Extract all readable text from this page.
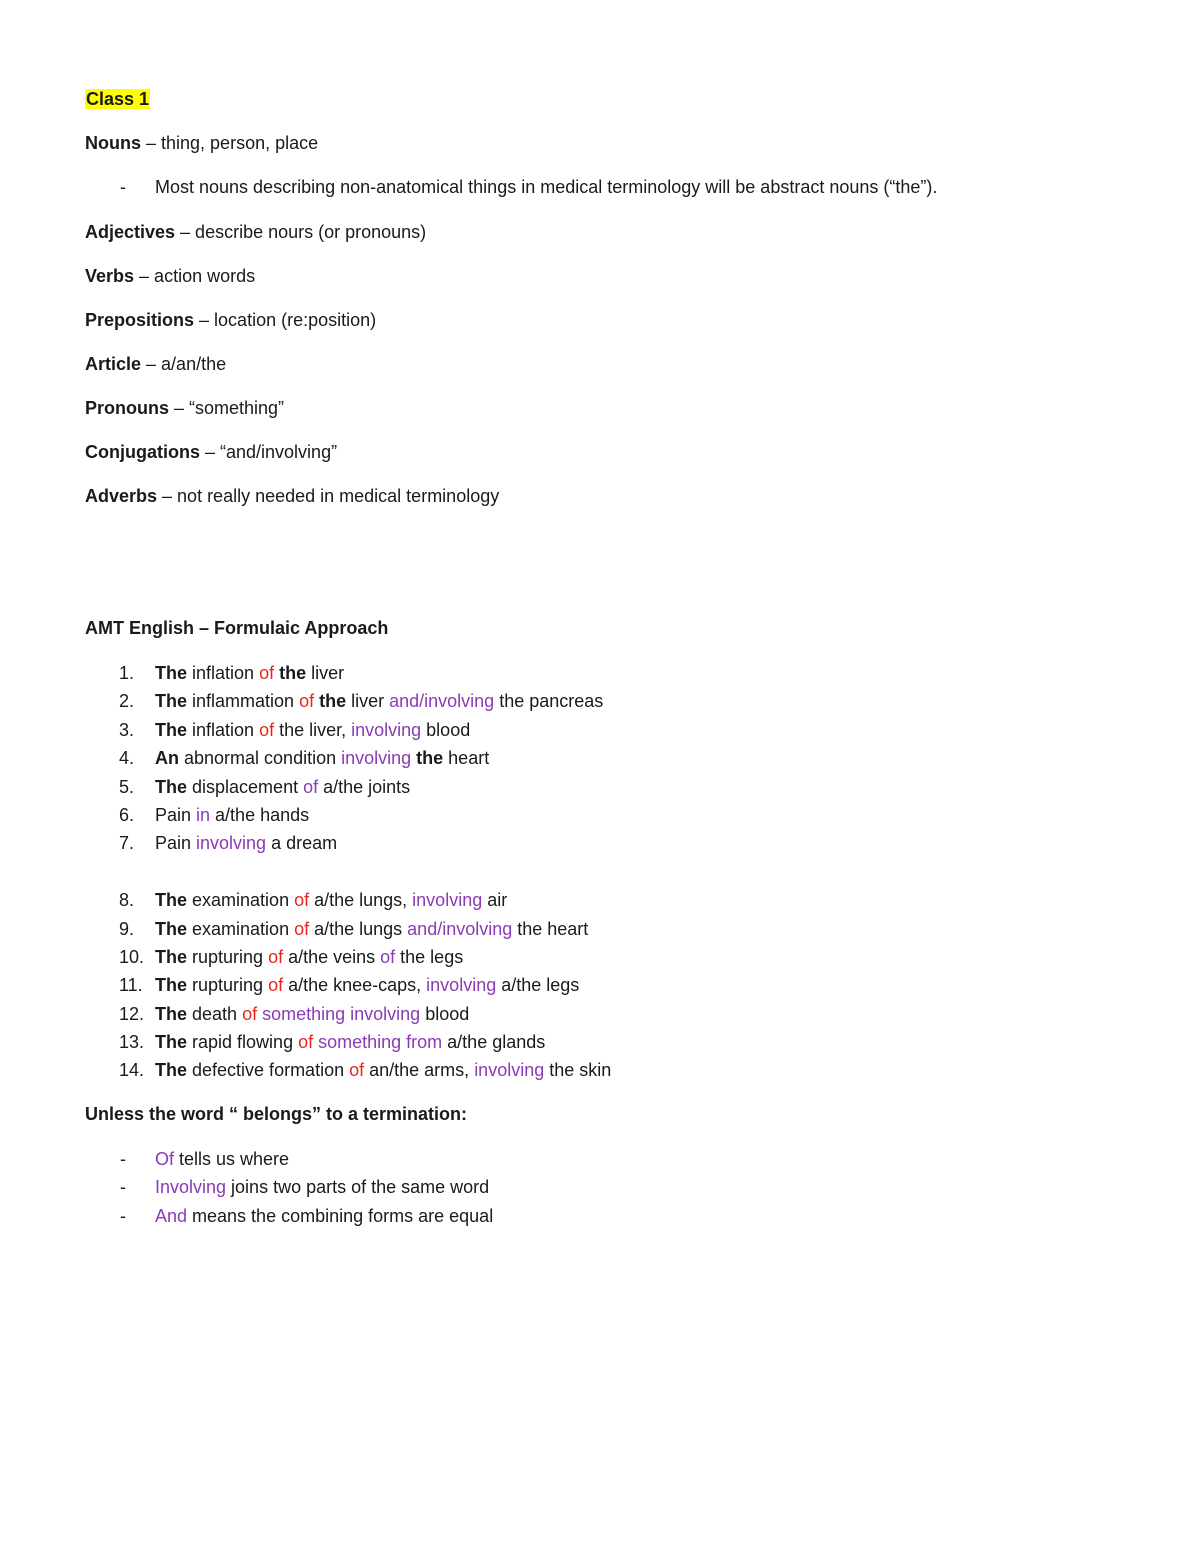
Class 1
Nouns – thing, person, place
- Most nouns describing non-anatomical things in medical terminology will be abstract nouns (“the”).
Adjectives – describe nours (or pronouns)
Verbs – action words
Prepositions – location (re:position)
Article – a/an/the
Pronouns – “something”
Conjugations – “and/involving”
Adverbs – not really needed in medical terminology
AMT English – Formulaic Approach
1.	The inflation of the liver
2.	The inflammation of the liver and/involving the pancreas
3.	The inflation of the liver, involving blood
4.	An abnormal condition involving the heart
5.	The displacement of a/the joints
6.	Pain in a/the hands
7.	Pain involving a dream
8.	The examination of a/the lungs, involving air
9.	The examination of a/the lungs and/involving the heart
10. The rupturing of a/the veins of the legs
11. The rupturing of a/the knee-caps, involving a/the legs
12. The death of something involving blood
13. The rapid flowing of something from a/the glands
14. The defective formation of an/the arms, involving the skin
Unless the word “ belongs” to a termination:
- Of tells us where
- Involving joins two parts of the same word
- And means the combining forms are equal
